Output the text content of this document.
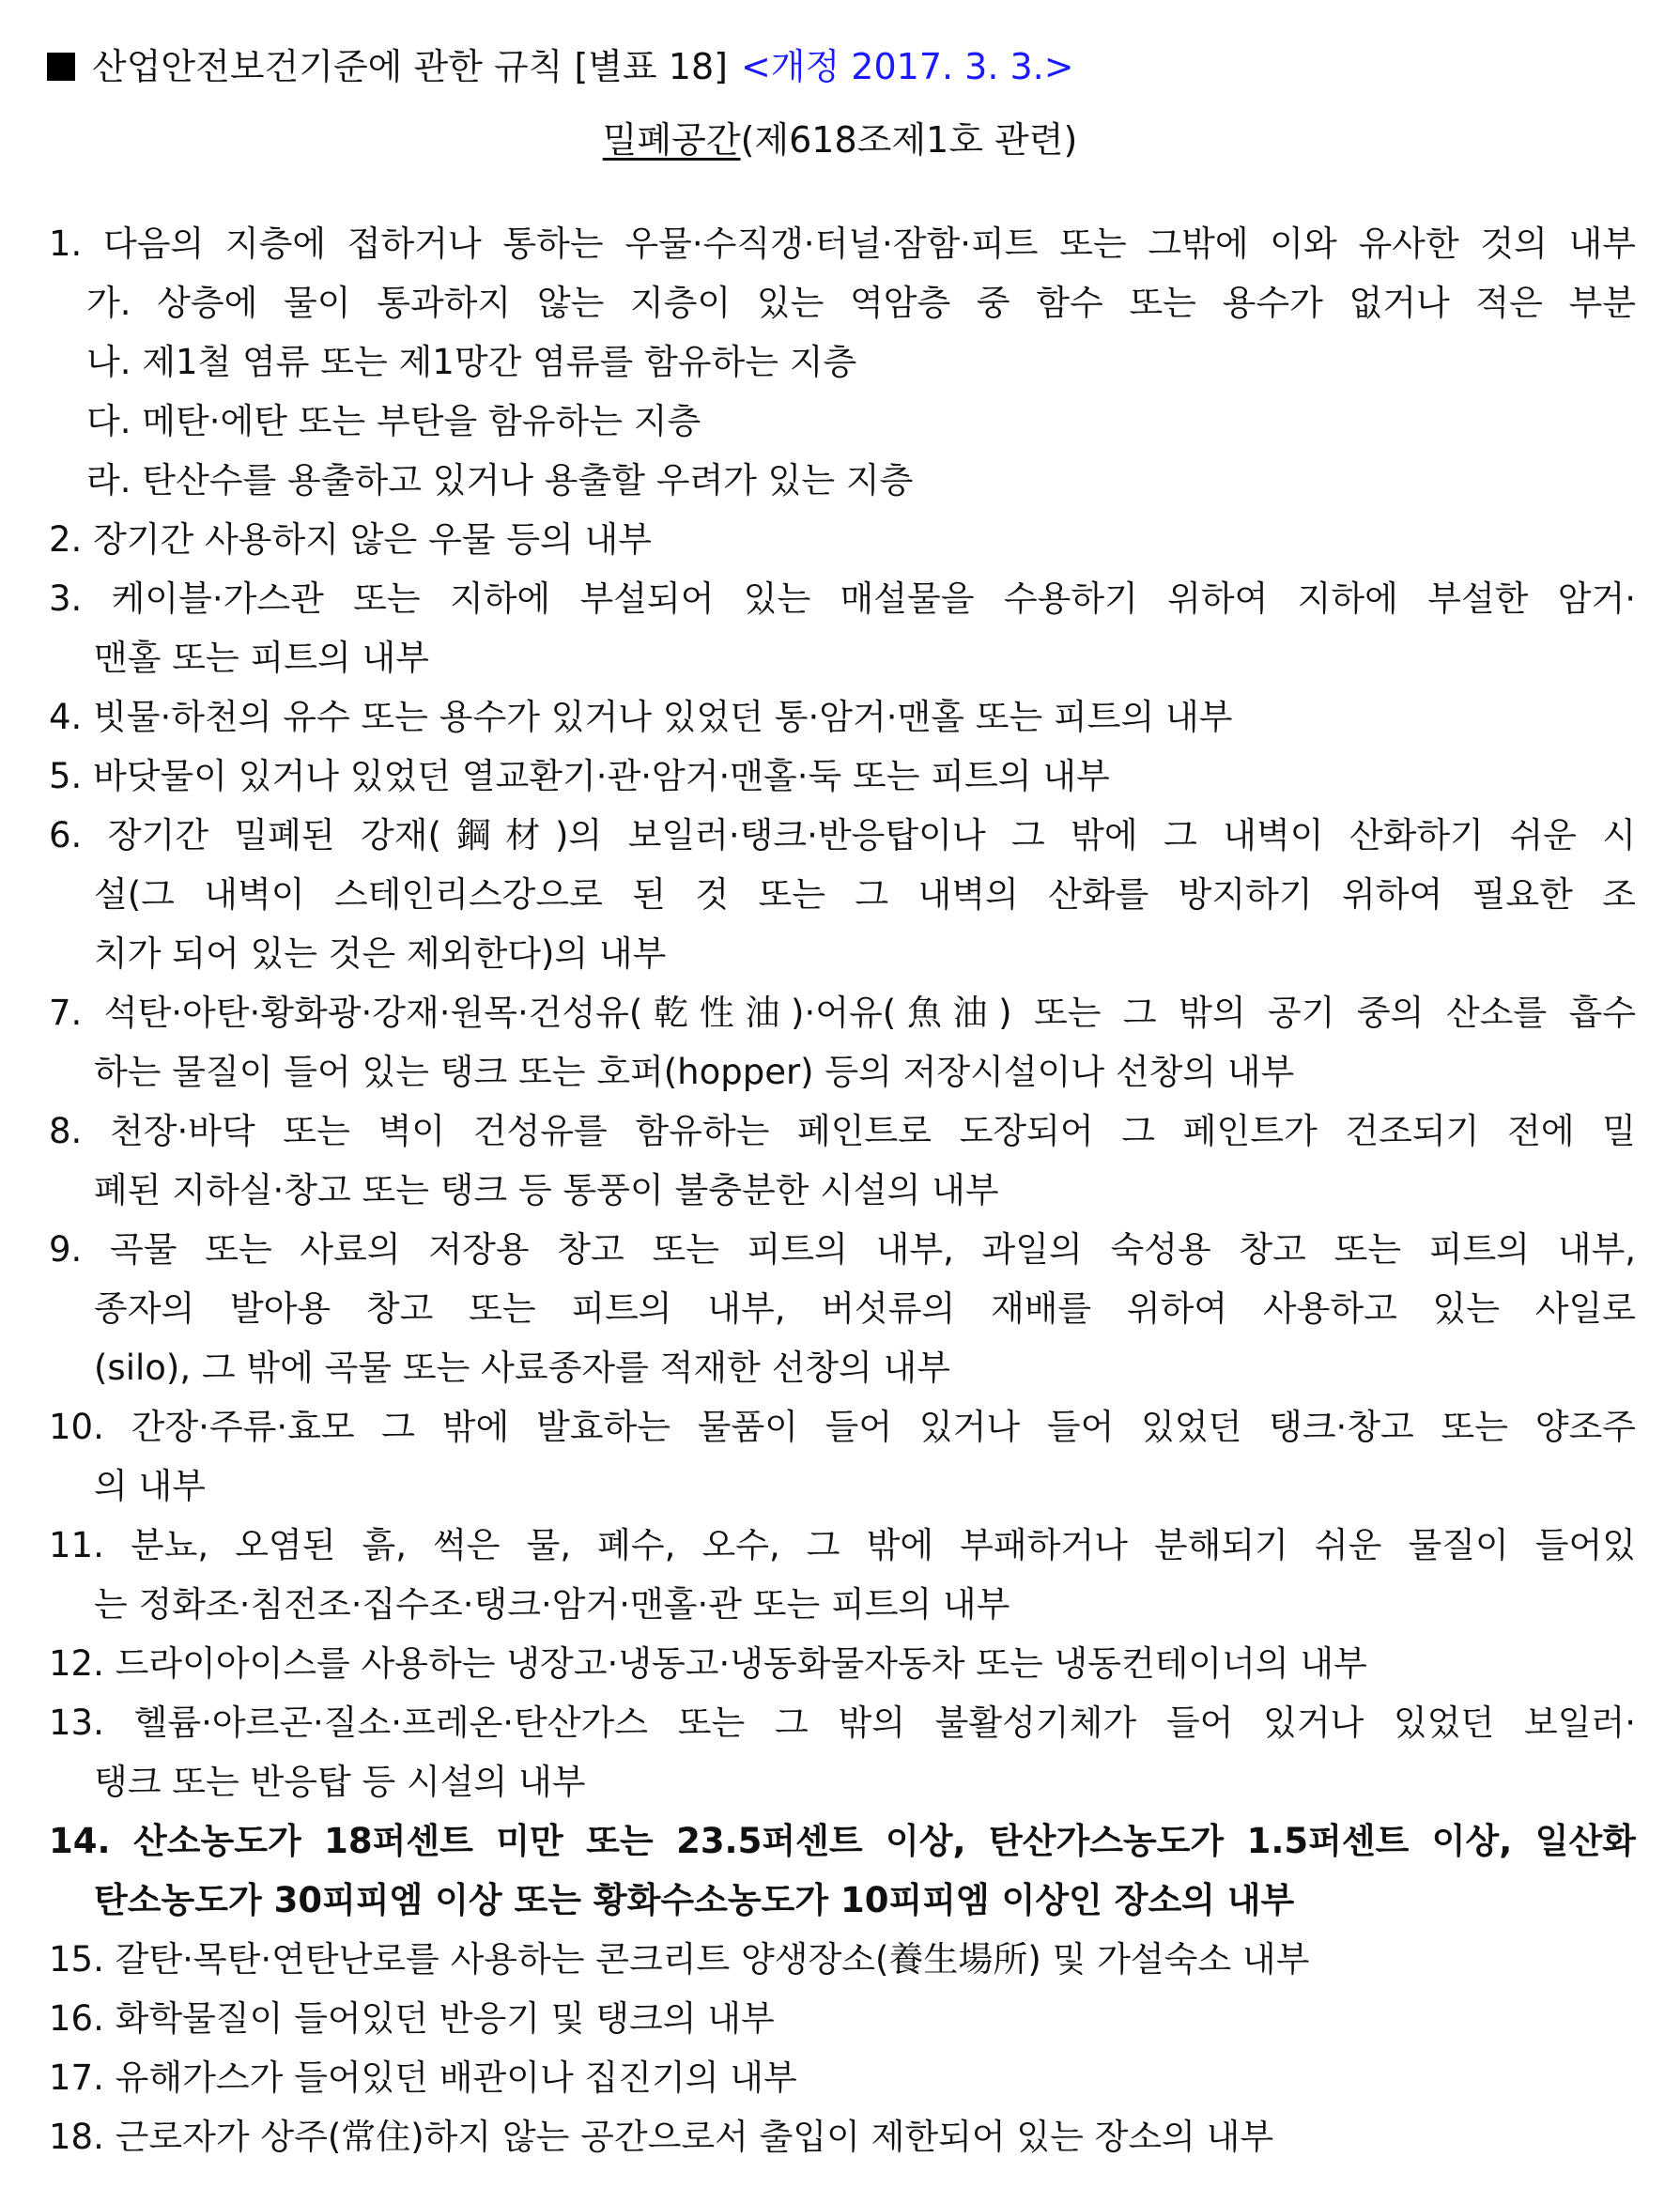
산업안전보건기준에 관한 규칙 [별표 18] <개정 2017. 3. 3.>
밀폐공간(제618조제1호 관련)
1. 다음의 지층에 접하거나 통하는 우물·수직갱·터널·잠함·피트 또는 그밖에 이와 유사한 것의 내부
가. 상층에 물이 통과하지 않는 지층이 있는 역암층 중 함수 또는 용수가 없거나 적은 부분
나. 제1철 염류 또는 제1망간 염류를 함유하는 지층
다. 메탄·에탄 또는 부탄을 함유하는 지층
라. 탄산수를 용출하고 있거나 용출할 우려가 있는 지층
2. 장기간 사용하지 않은 우물 등의 내부
3. 케이블·가스관 또는 지하에 부설되어 있는 매설물을 수용하기 위하여 지하에 부설한 암거·
맨홀 또는 피트의 내부
4. 빗물·하천의 유수 또는 용수가 있거나 있었던 통·암거·맨홀 또는 피트의 내부
5. 바닷물이 있거나 있었던 열교환기·관·암거·맨홀·둑 또는 피트의 내부
6. 장기간 밀폐된 강재(鋼材)의 보일러·탱크·반응탑이나 그 밖에 그 내벽이 산화하기 쉬운 시
설(그 내벽이 스테인리스강으로 된 것 또는 그 내벽의 산화를 방지하기 위하여 필요한 조
치가 되어 있는 것은 제외한다)의 내부
7. 석탄·아탄·황화광·강재·원목·건성유(乾性油)·어유(魚油) 또는 그 밖의 공기 중의 산소를 흡수
하는 물질이 들어 있는 탱크 또는 호퍼(hopper) 등의 저장시설이나 선창의 내부
8. 천장·바닥 또는 벽이 건성유를 함유하는 페인트로 도장되어 그 페인트가 건조되기 전에 밀
폐된 지하실·창고 또는 탱크 등 통풍이 불충분한 시설의 내부
9. 곡물 또는 사료의 저장용 창고 또는 피트의 내부, 과일의 숙성용 창고 또는 피트의 내부,
종자의 발아용 창고 또는 피트의 내부, 버섯류의 재배를 위하여 사용하고 있는 사일로
(silo), 그 밖에 곡물 또는 사료종자를 적재한 선창의 내부
10. 간장·주류·효모 그 밖에 발효하는 물품이 들어 있거나 들어 있었던 탱크·창고 또는 양조주
의 내부
11. 분뇨, 오염된 흙, 썩은 물, 폐수, 오수, 그 밖에 부패하거나 분해되기 쉬운 물질이 들어있
는 정화조·침전조·집수조·탱크·암거·맨홀·관 또는 피트의 내부
12. 드라이아이스를 사용하는 냉장고·냉동고·냉동화물자동차 또는 냉동컨테이너의 내부
13. 헬륨·아르곤·질소·프레온·탄산가스 또는 그 밖의 불활성기체가 들어 있거나 있었던 보일러·
탱크 또는 반응탑 등 시설의 내부
14. 산소농도가 18퍼센트 미만 또는 23.5퍼센트 이상, 탄산가스농도가 1.5퍼센트 이상, 일산화
탄소농도가 30피피엠 이상 또는 황화수소농도가 10피피엠 이상인 장소의 내부
15. 갈탄·목탄·연탄난로를 사용하는 콘크리트 양생장소(養生場所) 및 가설숙소 내부
16. 화학물질이 들어있던 반응기 및 탱크의 내부
17. 유해가스가 들어있던 배관이나 집진기의 내부
18. 근로자가 상주(常住)하지 않는 공간으로서 출입이 제한되어 있는 장소의 내부
